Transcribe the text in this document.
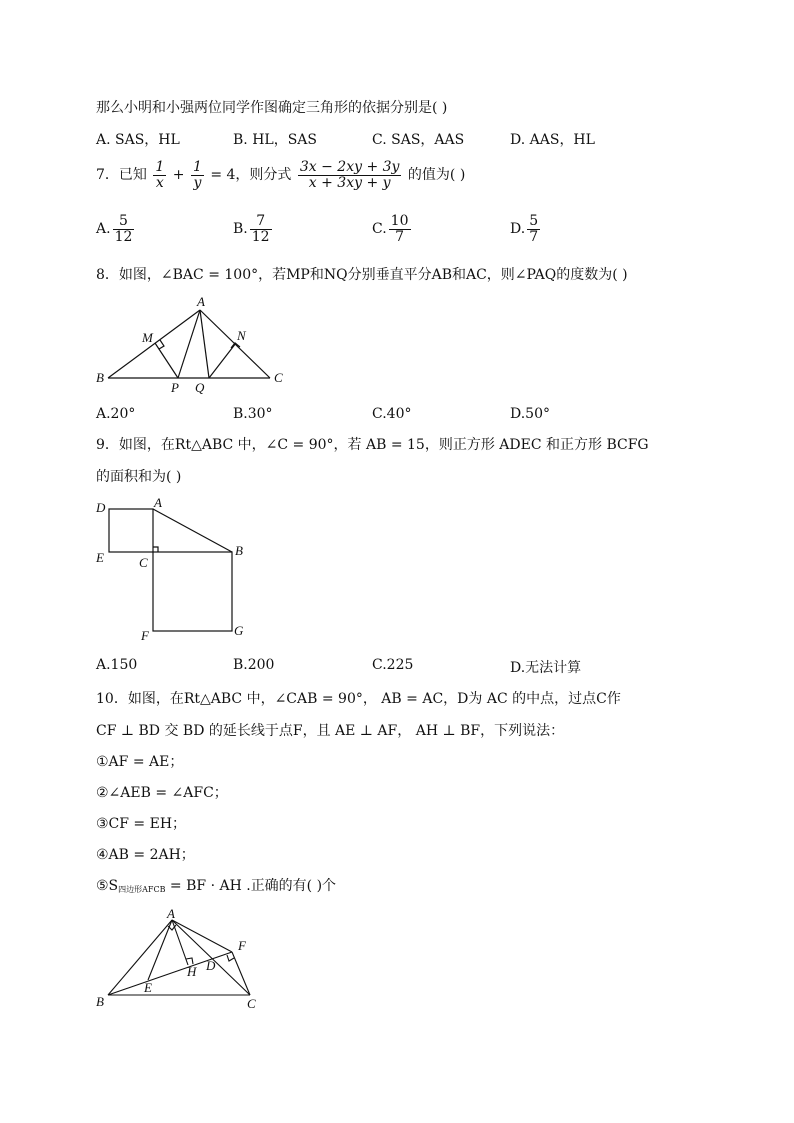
那么小明和小强两位同学作图确定三角形的依据分别是( )
A. SAS，HL	B. HL，SAS	C. SAS，AAS	D. AAS，HL
7．已知 $\frac{1}{x} + \frac{1}{y} = 4$，则分式 $\frac{3x - 2xy + 3y}{x + 3xy + y}$ 的值为( )
A. $\frac{5}{12}$	B. $\frac{7}{12}$	C. $\frac{10}{7}$	D. $\frac{5}{7}$
8．如图，∠BAC = 100°，若MP和NQ分别垂直平分AB和AC，则∠PAQ的度数为( )
A
M	N
B
P Q
C
A.20°	B.30°	C.40°	D.50°
9．如图，在Rt△ABC 中，∠C = 90°，若 AB = 15，则正方形 ADEC 和正方形 BCFG
的面积和为( )
D	A
E	C
B
F	G
A.150	B.200	C.225	D.无法计算
10．如图，在Rt△ABC 中，∠CAB = 90°， AB = AC，D为 AC 的中点，过点C作
CF ⊥ BD 交 BD 的延长线于点F，且 AE ⊥ AF， AH ⊥ BF，下列说法：
①AF = AE；
②∠AEB = ∠AFC；
③CF = EH；
④AB = 2AH；
$⑤S_{四边形AFCB}$ = BF · AH .正确的有( )个
A
F
H D
E
B	C
